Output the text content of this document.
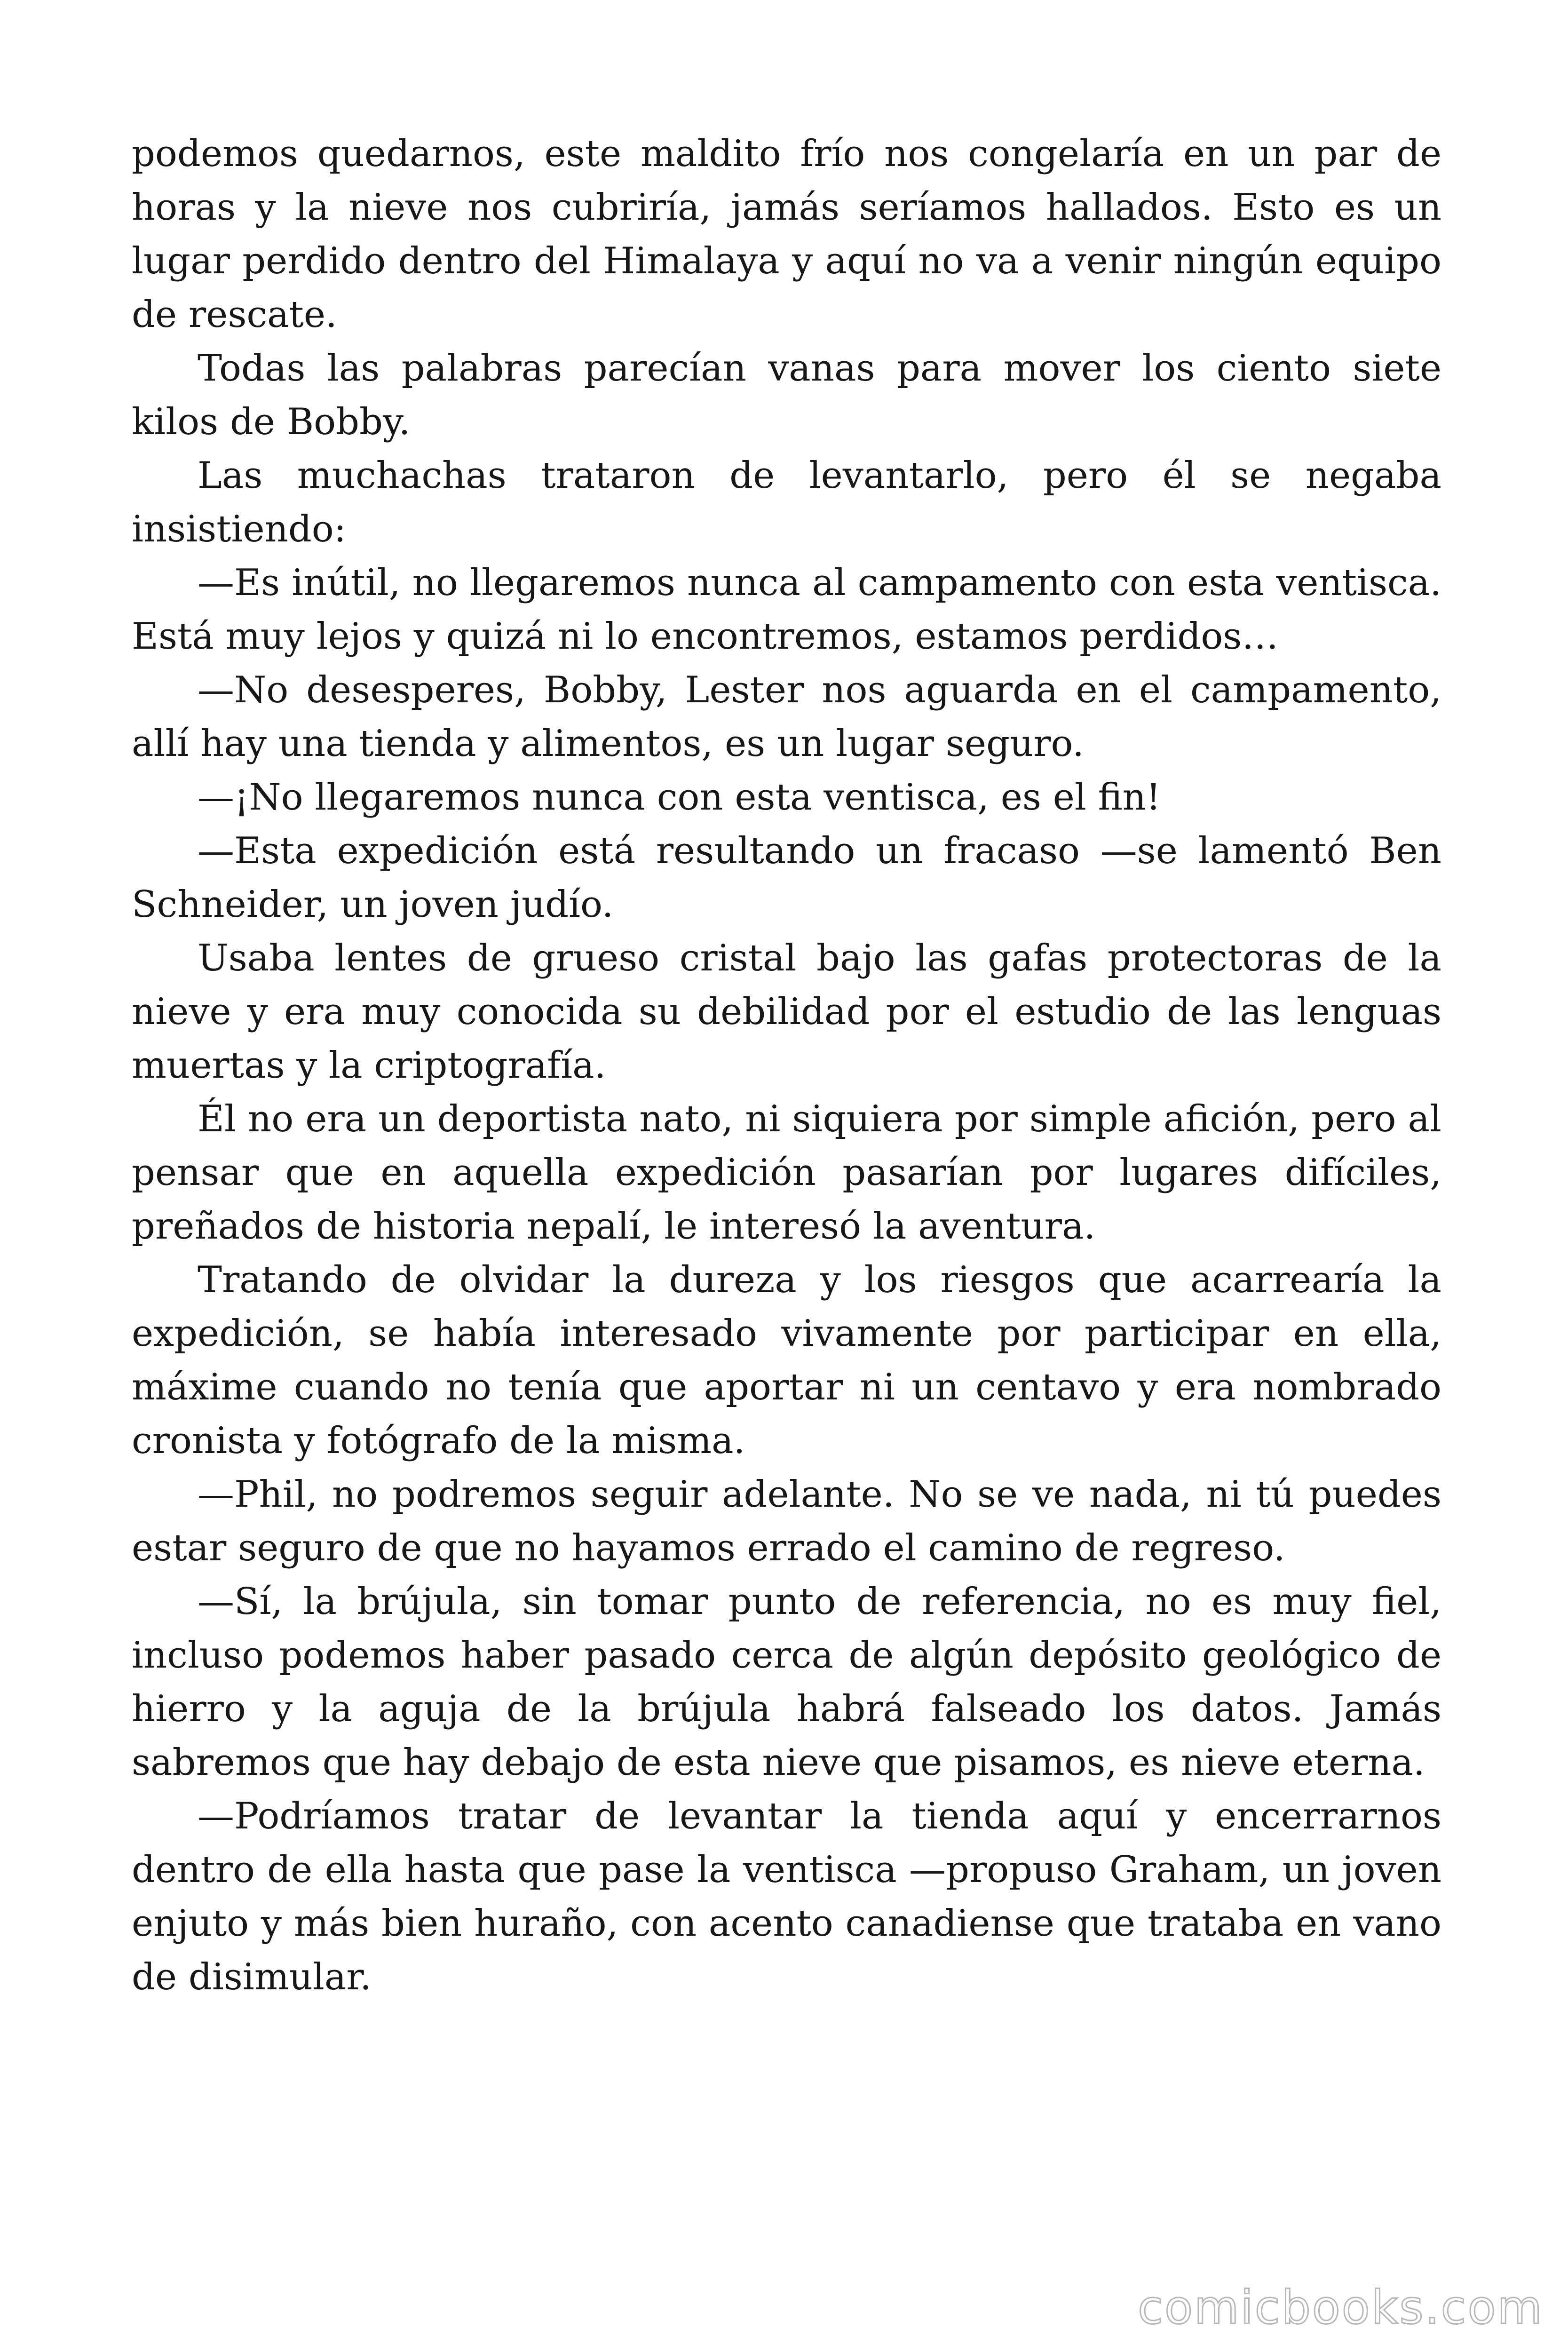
podemos quedarnos, este maldito frío nos congelaría en un par de horas y la nieve nos cubriría, jamás seríamos hallados. Esto es un lugar perdido dentro del Himalaya y aquí no va a venir ningún equipo de rescate.

Todas las palabras parecían vanas para mover los ciento siete kilos de Bobby.

Las muchachas trataron de levantarlo, pero él se negaba insistiendo:

—Es inútil, no llegaremos nunca al campamento con esta ventisca. Está muy lejos y quizá ni lo encontremos, estamos perdidos…

—No desesperes, Bobby, Lester nos aguarda en el campamento, allí hay una tienda y alimentos, es un lugar seguro.

—¡No llegaremos nunca con esta ventisca, es el fin!

—Esta expedición está resultando un fracaso —se lamentó Ben Schneider, un joven judío.

Usaba lentes de grueso cristal bajo las gafas protectoras de la nieve y era muy conocida su debilidad por el estudio de las lenguas muertas y la criptografía.

Él no era un deportista nato, ni siquiera por simple afición, pero al pensar que en aquella expedición pasarían por lugares difíciles, preñados de historia nepalí, le interesó la aventura.

Tratando de olvidar la dureza y los riesgos que acarrearía la expedición, se había interesado vivamente por participar en ella, máxime cuando no tenía que aportar ni un centavo y era nombrado cronista y fotógrafo de la misma.

—Phil, no podremos seguir adelante. No se ve nada, ni tú puedes estar seguro de que no hayamos errado el camino de regreso.

—Sí, la brújula, sin tomar punto de referencia, no es muy fiel, incluso podemos haber pasado cerca de algún depósito geológico de hierro y la aguja de la brújula habrá falseado los datos. Jamás sabremos que hay debajo de esta nieve que pisamos, es nieve eterna.

—Podríamos tratar de levantar la tienda aquí y encerrarnos dentro de ella hasta que pase la ventisca —propuso Graham, un joven enjuto y más bien huraño, con acento canadiense que trataba en vano de disimular.

comicbooks.com
